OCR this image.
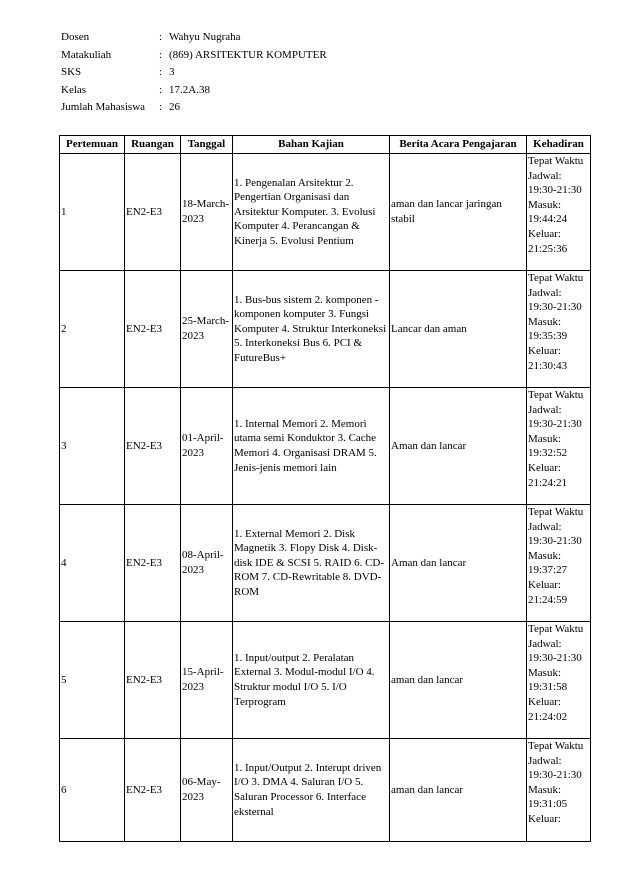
Dosen	: Wahyu Nugraha
Matakuliah	: (869) ARSITEKTUR KOMPUTER
SKS	: 3
Kelas	: 17.2A.38
Jumlah Mahasiswa	: 26
Pertemuan	Ruangan	Tanggal	Bahan Kajian	Berita Acara Pengajaran	Kehadiran
1	EN2-E3	18-March-2023	1. Pengenalan Arsitektur 2. Pengertian Organisasi dan Arsitektur Komputer. 3. Evolusi Komputer 4. Perancangan & Kinerja 5. Evolusi Pentium	aman dan lancar jaringan stabil	Tepat Waktu Jadwal: 19:30-21:30 Masuk: 19:44:24 Keluar: 21:25:36

2	EN2-E3	25-March-2023	1. Bus-bus sistem 2. komponen - komponen komputer 3. Fungsi Komputer 4. Struktur Interkoneksi 5. Interkoneksi Bus 6. PCI & FutureBus+	Lancar dan aman	Tepat Waktu Jadwal: 19:30-21:30 Masuk: 19:35:39 Keluar: 21:30:43

3	EN2-E3	01-April-2023	1. Internal Memori 2. Memori utama semi Konduktor 3. Cache Memori 4. Organisasi DRAM 5. Jenis-jenis memori lain	Aman dan lancar	Tepat Waktu Jadwal: 19:30-21:30 Masuk: 19:32:52 Keluar: 21:24:21

4	EN2-E3	08-April-2023	1. External Memori 2. Disk Magnetik 3. Flopy Disk 4. Disk-disk IDE & SCSI 5. RAID 6. CD-ROM 7. CD-Rewritable 8. DVD-ROM	Aman dan lancar	Tepat Waktu Jadwal: 19:30-21:30 Masuk: 19:37:27 Keluar: 21:24:59

5	EN2-E3	15-April-2023	1. Input/output 2. Peralatan External 3. Modul-modul I/O 4. Struktur modul I/O 5. I/O Terprogram	aman dan lancar	Tepat Waktu Jadwal: 19:30-21:30 Masuk: 19:31:58 Keluar: 21:24:02

6	EN2-E3	06-May-2023	1. Input/Output 2. Interupt driven I/O 3. DMA 4. Saluran I/O 5. Saluran Processor 6. Interface eksternal	aman dan lancar	Tepat Waktu Jadwal: 19:30-21:30 Masuk: 19:31:05 Keluar:
